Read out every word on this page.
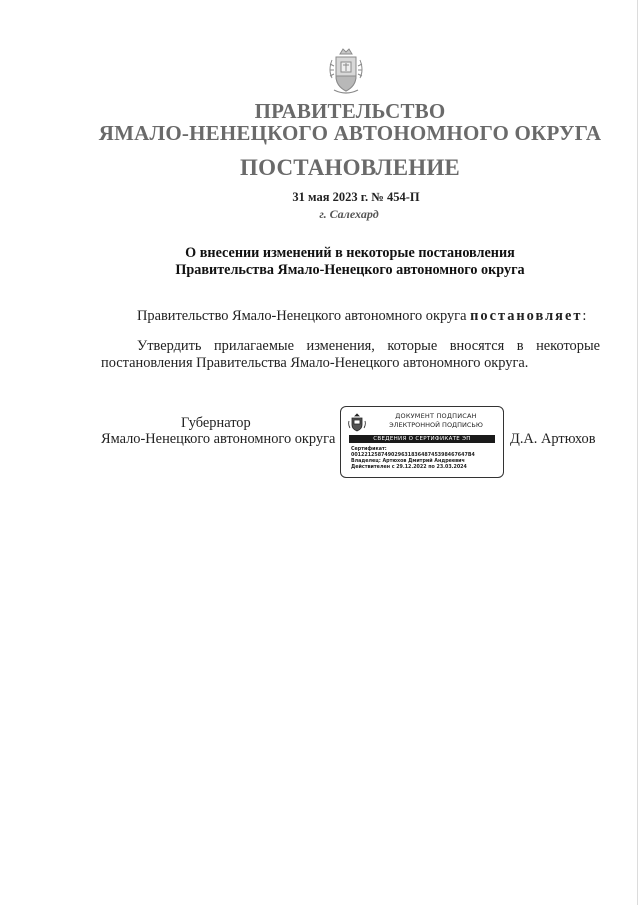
ПРАВИТЕЛЬСТВО
ЯМАЛО-НЕНЕЦКОГО АВТОНОМНОГО ОКРУГА
ПОСТАНОВЛЕНИЕ
31 мая 2023 г. № 454-П
г. Салехард
О внесении изменений в некоторые постановления
Правительства Ямало-Ненецкого автономного округа
Правительство Ямало-Ненецкого автономного округа постановляет:
Утвердить прилагаемые изменения, которые вносятся в некоторые
постановления Правительства Ямало-Ненецкого автономного округа.
Губернатор
Ямало-Ненецкого автономного округа	Д.А. Артюхов
ДОКУМЕНТ ПОДПИСАН
ЭЛЕКТРОННОЙ ПОДПИСЬЮ
СВЕДЕНИЯ О СЕРТИФИКАТЕ ЭП
Сертификат:
00122125874902963183648745398467647B4
Владелец: Артюхов Дмитрий Андреевич
Действителен с 29.12.2022 по 23.03.2024
